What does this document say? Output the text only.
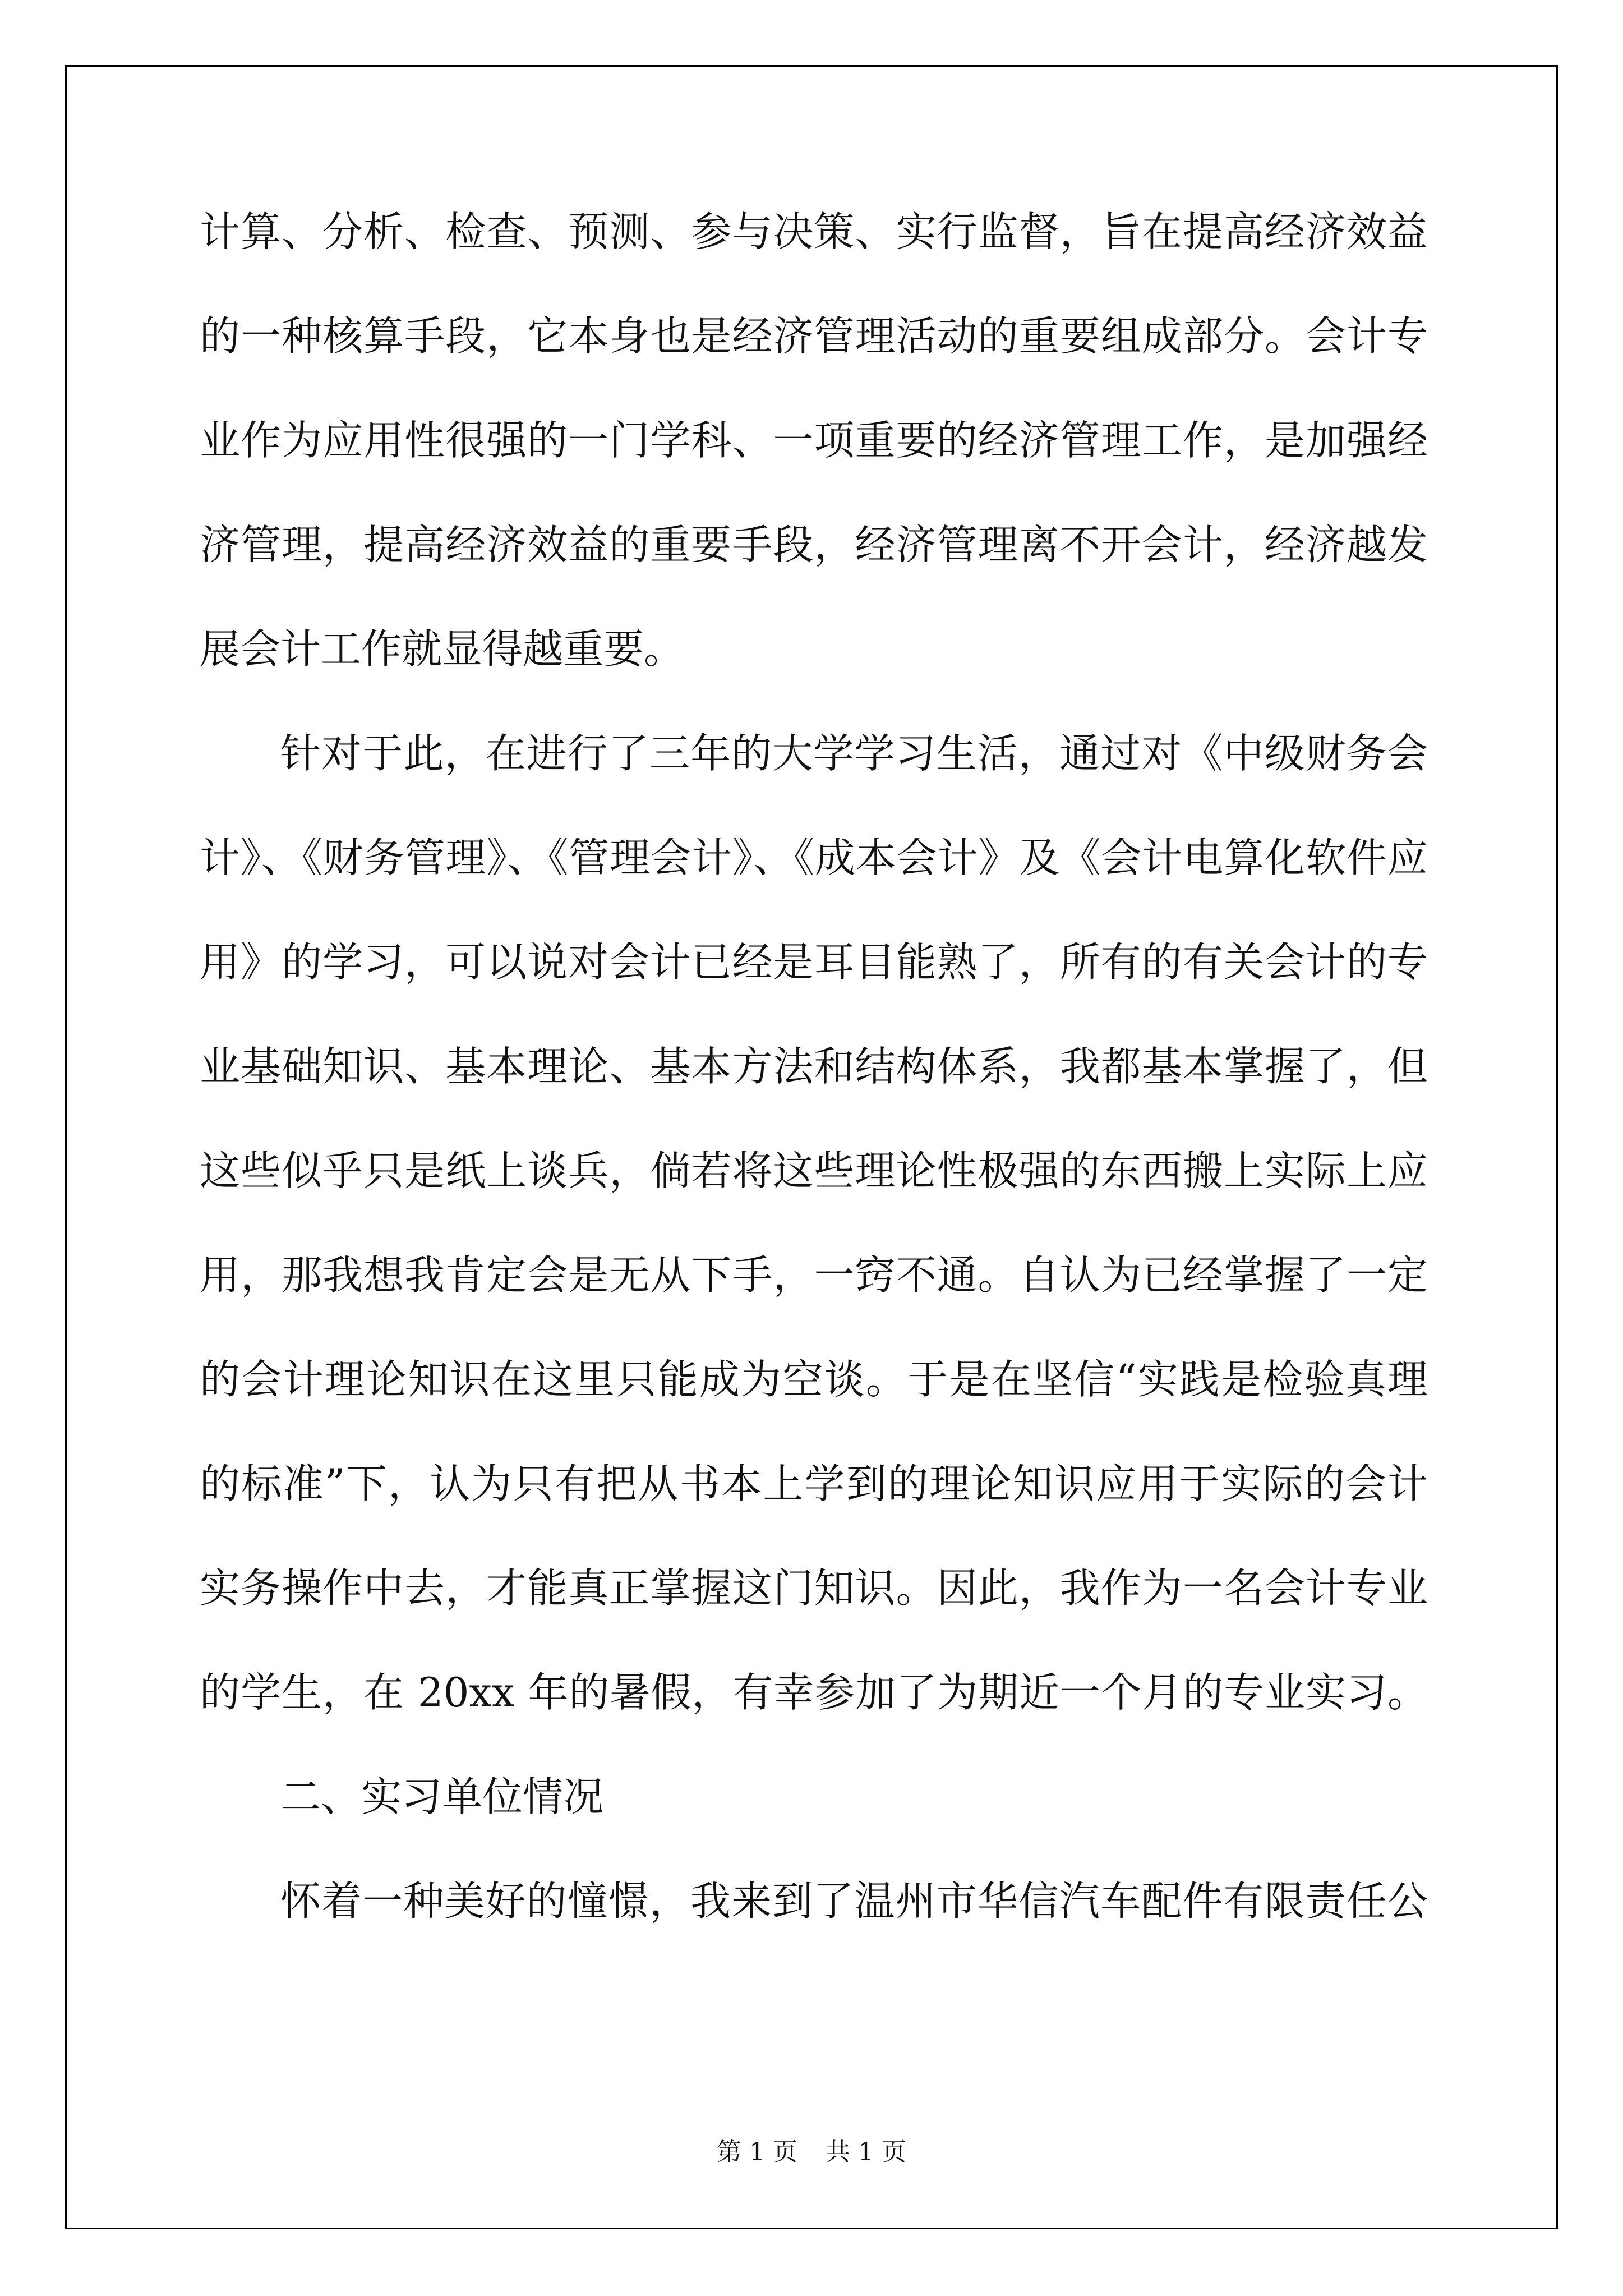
计算、分析、检查、预测、参与决策、实行监督，旨在提高经济效益
的一种核算手段，它本身也是经济管理活动的重要组成部分。会计专
业作为应用性很强的一门学科、一项重要的经济管理工作，是加强经
济管理，提高经济效益的重要手段，经济管理离不开会计，经济越发
展会计工作就显得越重要。
针对于此，在进行了三年的大学学习生活，通过对《中级财务会
计》、《财务管理》、《管理会计》、《成本会计》及《会计电算化软件应
用》的学习，可以说对会计已经是耳目能熟了，所有的有关会计的专
业基础知识、基本理论、基本方法和结构体系，我都基本掌握了，但
这些似乎只是纸上谈兵，倘若将这些理论性极强的东西搬上实际上应
用，那我想我肯定会是无从下手，一窍不通。自认为已经掌握了一定
的会计理论知识在这里只能成为空谈。于是在坚信“实践是检验真理
的标准”下，认为只有把从书本上学到的理论知识应用于实际的会计
实务操作中去，才能真正掌握这门知识。因此，我作为一名会计专业
的学生，在 20xx 年的暑假，有幸参加了为期近一个月的专业实习。
二、实习单位情况
怀着一种美好的憧憬，我来到了温州市华信汽车配件有限责任公
第 1 页 共 1 页
